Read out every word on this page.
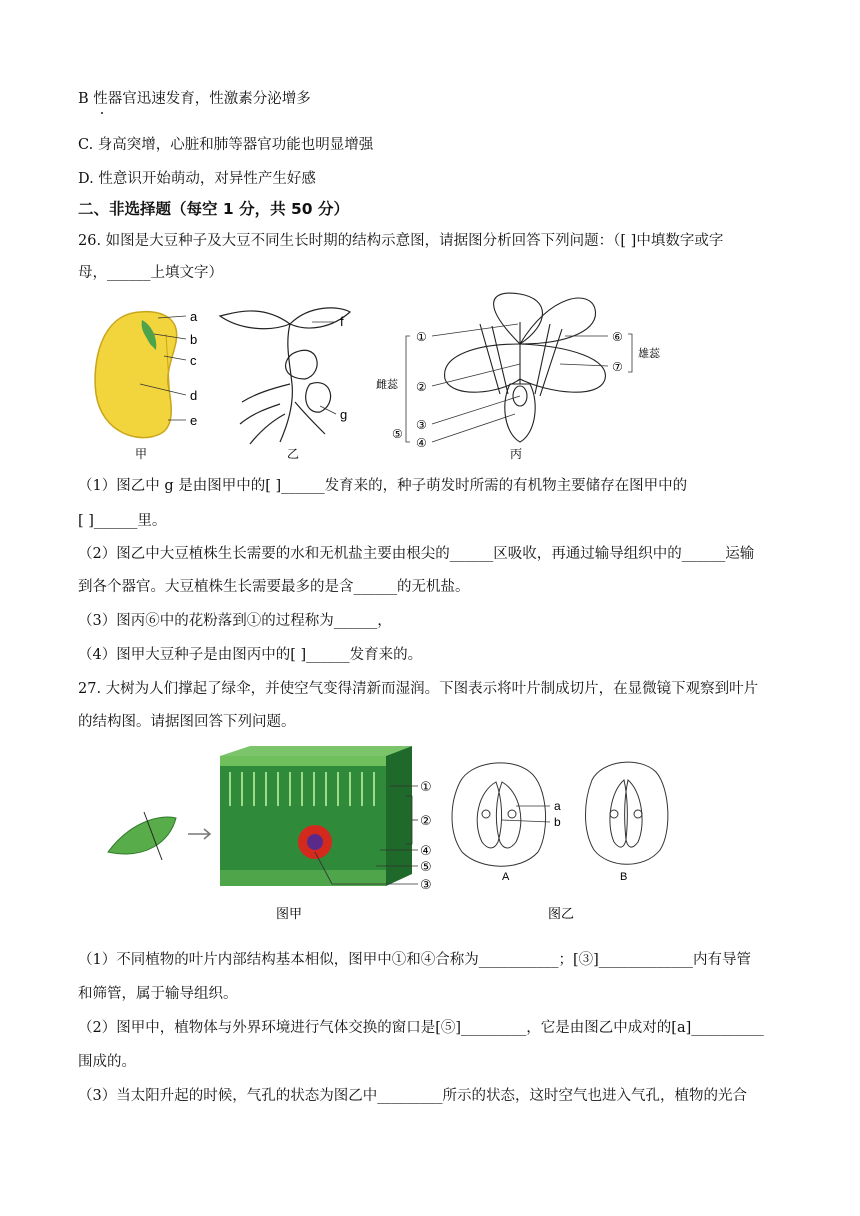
B 性器官迅速发育，性激素分泌增多
C. 身高突增，心脏和肺等器官功能也明显增强
D. 性意识开始萌动，对异性产生好感
二、非选择题（每空 1 分，共 50 分）
26. 如图是大豆种子及大豆不同生长时期的结构示意图，请据图分析回答下列问题：（[ ]中填数字或字
母，______上填文字）
a
b
c
d
e
甲
f
g
乙
①
②
③
④
⑤
⑥
⑦
雌蕊
雄蕊
丙
（1）图乙中 g 是由图甲中的[ ]______发育来的，种子萌发时所需的有机物主要储存在图甲中的
[ ]______里。
（2）图乙中大豆植株生长需要的水和无机盐主要由根尖的______区吸收，再通过输导组织中的______运输
到各个器官。大豆植株生长需要最多的是含______的无机盐。
（3）图丙⑥中的花粉落到①的过程称为______，
（4）图甲大豆种子是由图丙中的[ ]______发育来的。
27. 大树为人们撑起了绿伞，并使空气变得清新而湿润。下图表示将叶片制成切片，在显微镜下观察到叶片
的结构图。请据图回答下列问题。
①
②
④
⑤
③
图甲
a
b
A	B
图乙
（1）不同植物的叶片内部结构基本相似，图甲中①和④合称为___________；[③]_____________内有导管
和筛管，属于输导组织。
（2）图甲中，植物体与外界环境进行气体交换的窗口是[⑤]_________，它是由图乙中成对的[a]__________
围成的。
（3）当太阳升起的时候，气孔的状态为图乙中_________所示的状态，这时空气也进入气孔，植物的光合
